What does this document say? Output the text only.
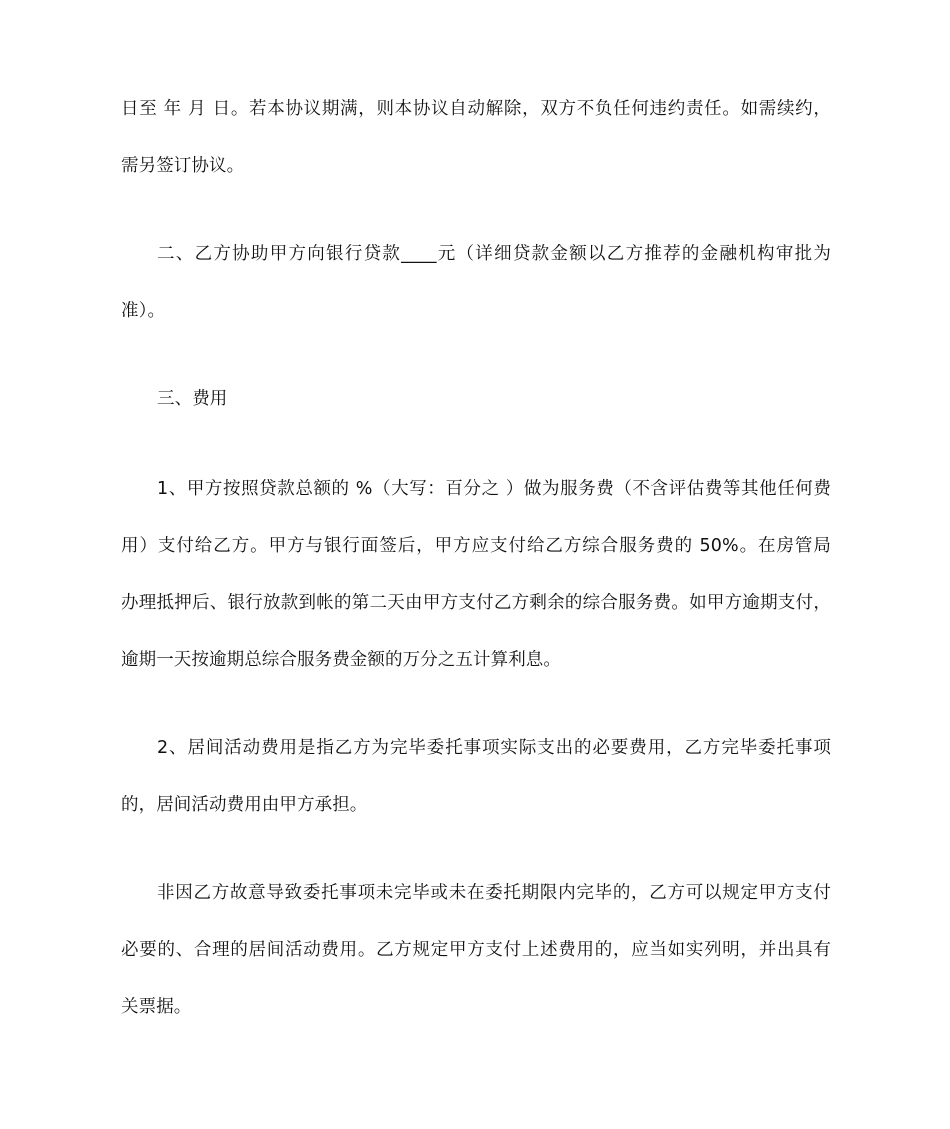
日至 年 月 日。若本协议期满，则本协议自动解除，双方不负任何违约责任。如需续约，
需另签订协议。
二、乙方协助甲方向银行贷款____元（详细贷款金额以乙方推荐的金融机构审批为
准）。
三、费用
1、甲方按照贷款总额的 %（大写：百分之 ）做为服务费（不含评估费等其他任何费
用）支付给乙方。甲方与银行面签后，甲方应支付给乙方综合服务费的 50%。在房管局
办理抵押后、银行放款到帐的第二天由甲方支付乙方剩余的综合服务费。如甲方逾期支付，
逾期一天按逾期总综合服务费金额的万分之五计算利息。
2、居间活动费用是指乙方为完毕委托事项实际支出的必要费用，乙方完毕委托事项
的，居间活动费用由甲方承担。
非因乙方故意导致委托事项未完毕或未在委托期限内完毕的，乙方可以规定甲方支付
必要的、合理的居间活动费用。乙方规定甲方支付上述费用的，应当如实列明，并出具有
关票据。
